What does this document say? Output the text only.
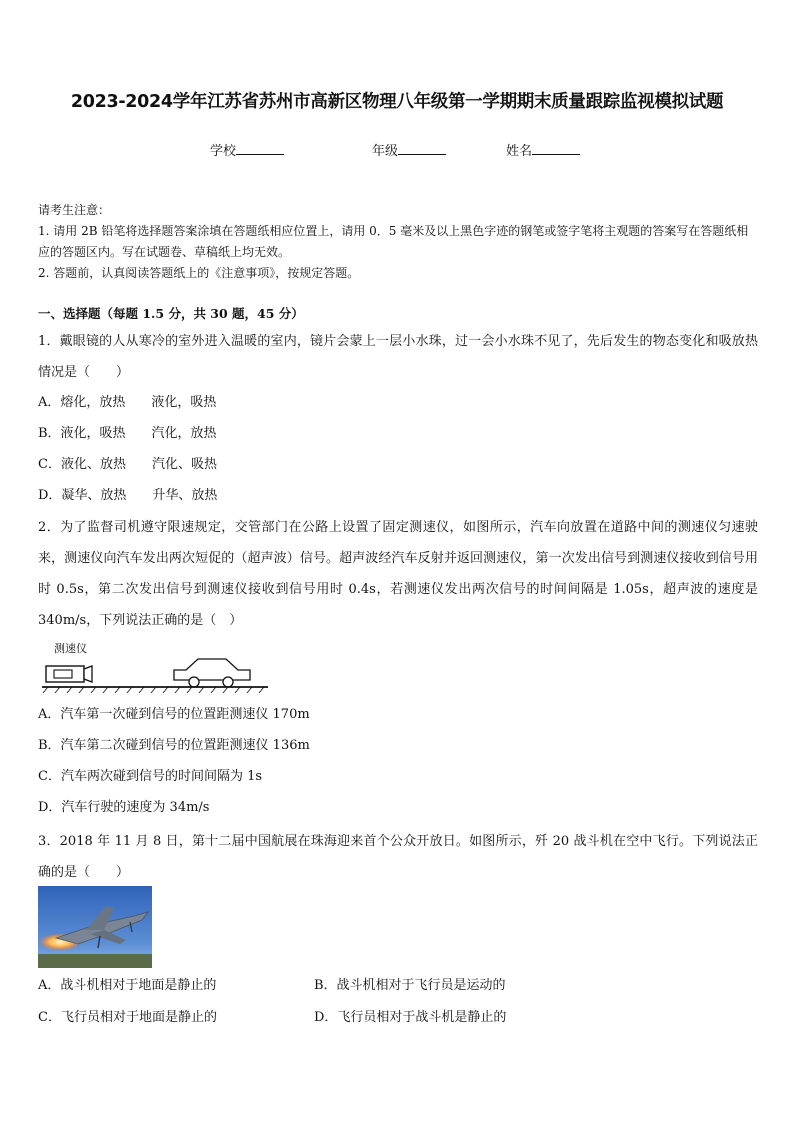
2023-2024学年江苏省苏州市高新区物理八年级第一学期期末质量跟踪监视模拟试题
学校	年级	姓名
请考生注意：
1. 请用 2B 铅笔将选择题答案涂填在答题纸相应位置上，请用 0．5 毫米及以上黑色字迹的钢笔或签字笔将主观题的答案写在答题纸相应的答题区内。写在试题卷、草稿纸上均无效。
2. 答题前，认真阅读答题纸上的《注意事项》，按规定答题。
一、选择题（每题 1.5 分，共 30 题，45 分）
1．戴眼镜的人从寒冷的室外进入温暖的室内，镜片会蒙上一层小水珠，过一会小水珠不见了，先后发生的物态变化和吸放热情况是（　　）
A．熔化，放热　　液化，吸热
B．液化，吸热　　汽化，放热
C．液化、放热　　汽化、吸热
D．凝华、放热　　升华、放热
2．为了监督司机遵守限速规定，交管部门在公路上设置了固定测速仪，如图所示，汽车向放置在道路中间的测速仪匀速驶来，测速仪向汽车发出两次短促的（超声波）信号。超声波经汽车反射并返回测速仪，第一次发出信号到测速仪接收到信号用时 0.5s，第二次发出信号到测速仪接收到信号用时 0.4s，若测速仪发出两次信号的时间间隔是 1.05s，超声波的速度是 340m/s，下列说法正确的是（　）
测速仪
A．汽车第一次碰到信号的位置距测速仪 170m
B．汽车第二次碰到信号的位置距测速仪 136m
C．汽车两次碰到信号的时间间隔为 1s
D．汽车行驶的速度为 34m/s
3．2018 年 11 月 8 日，第十二届中国航展在珠海迎来首个公众开放日。如图所示，歼 20 战斗机在空中飞行。下列说法正确的是（　　）
A．战斗机相对于地面是静止的	B．战斗机相对于飞行员是运动的
C．飞行员相对于地面是静止的	D．飞行员相对于战斗机是静止的
